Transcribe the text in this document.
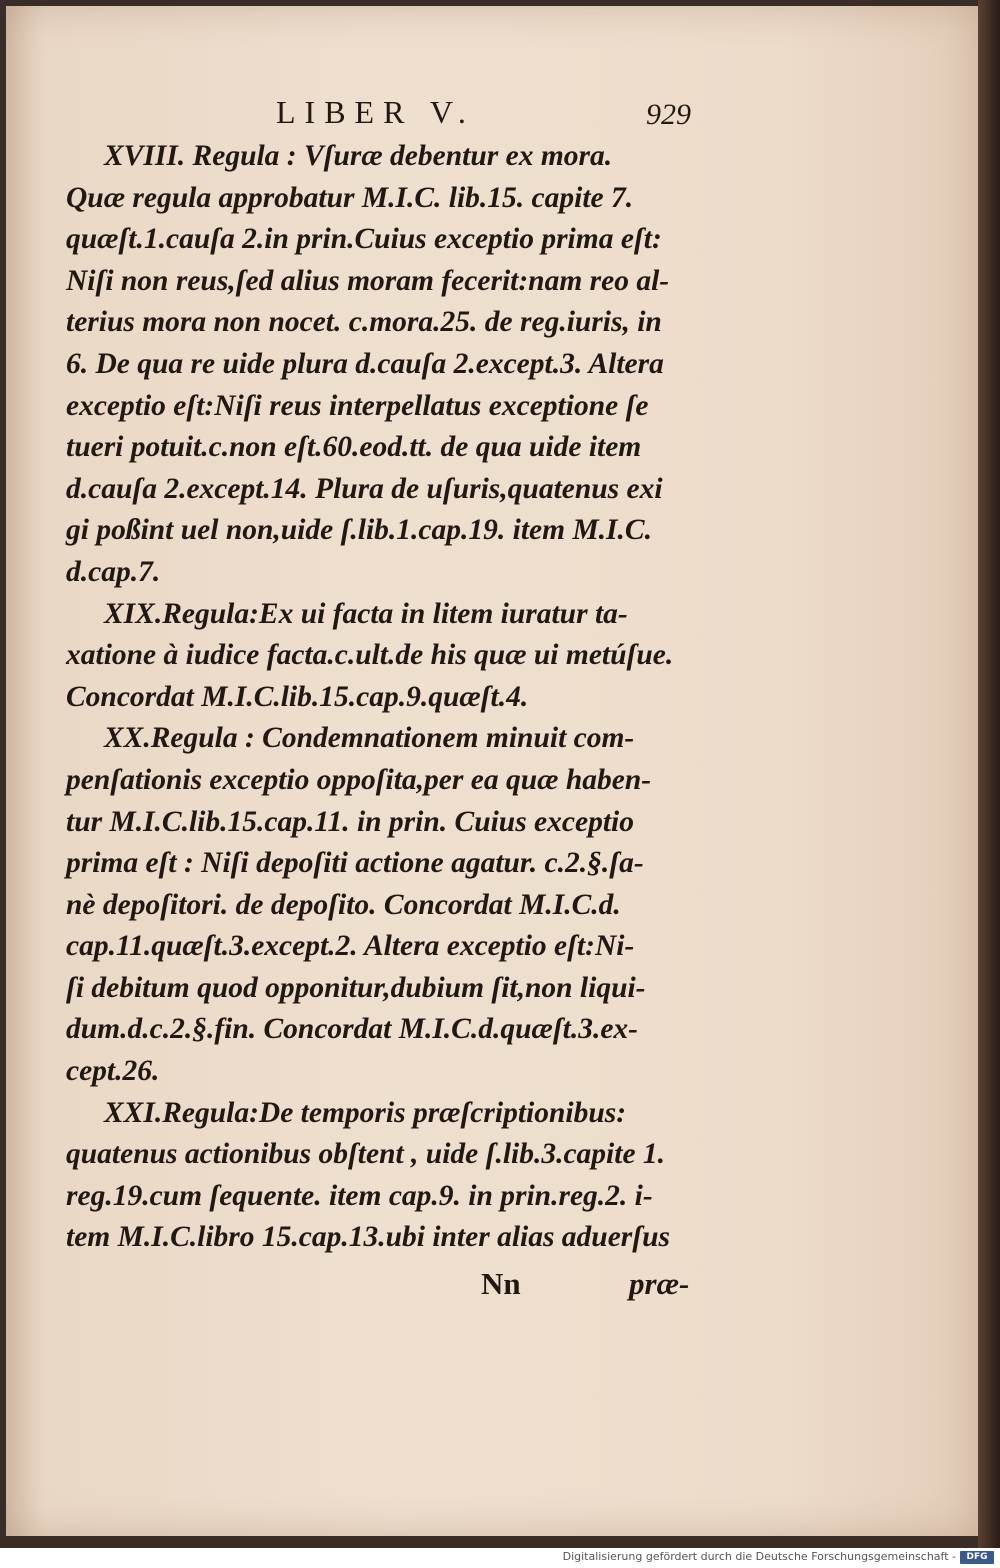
LIBER V.	929
XVIII. Regula : Vſuræ debentur ex mora.
Quæ regula approbatur M.I.C. lib.15. capite 7.
quæſt.1.cauſa 2.in prin.Cuius exceptio prima eſt:
Niſi non reus,ſed alius moram fecerit:nam reo al-
terius mora non nocet. c.mora.25. de reg.iuris, in
6. De qua re uide plura d.cauſa 2.except.3. Altera
exceptio eſt:Niſi reus interpellatus exceptione ſe
tueri potuit.c.non eſt.60.eod.tt. de qua uide item
d.cauſa 2.except.14. Plura de uſuris,quatenus exi
gi poßint uel non,uide ſ.lib.1.cap.19. item M.I.C.
d.cap.7.
XIX.Regula:Ex ui facta in litem iuratur ta-
xatione à iudice facta.c.ult.de his quæ ui metúſue.
Concordat M.I.C.lib.15.cap.9.quæſt.4.
XX.Regula : Condemnationem minuit com-
penſationis exceptio oppoſita,per ea quæ haben-
tur M.I.C.lib.15.cap.11. in prin. Cuius exceptio
prima eſt : Niſi depoſiti actione agatur. c.2.§.ſa-
nè depoſitori. de depoſito. Concordat M.I.C.d.
cap.11.quæſt.3.except.2. Altera exceptio eſt:Ni-
ſi debitum quod opponitur,dubium ſit,non liqui-
dum.d.c.2.§.fin. Concordat M.I.C.d.quæſt.3.ex-
cept.26.
XXI.Regula:De temporis præſcriptionibus:
quatenus actionibus obſtent , uide ſ.lib.3.capite 1.
reg.19.cum ſequente. item cap.9. in prin.reg.2. i-
tem M.I.C.libro 15.cap.13.ubi inter alias aduerſus
Nn	præ-
Digitalisierung gefördert durch die Deutsche Forschungsgemeinschaft -	DFG
